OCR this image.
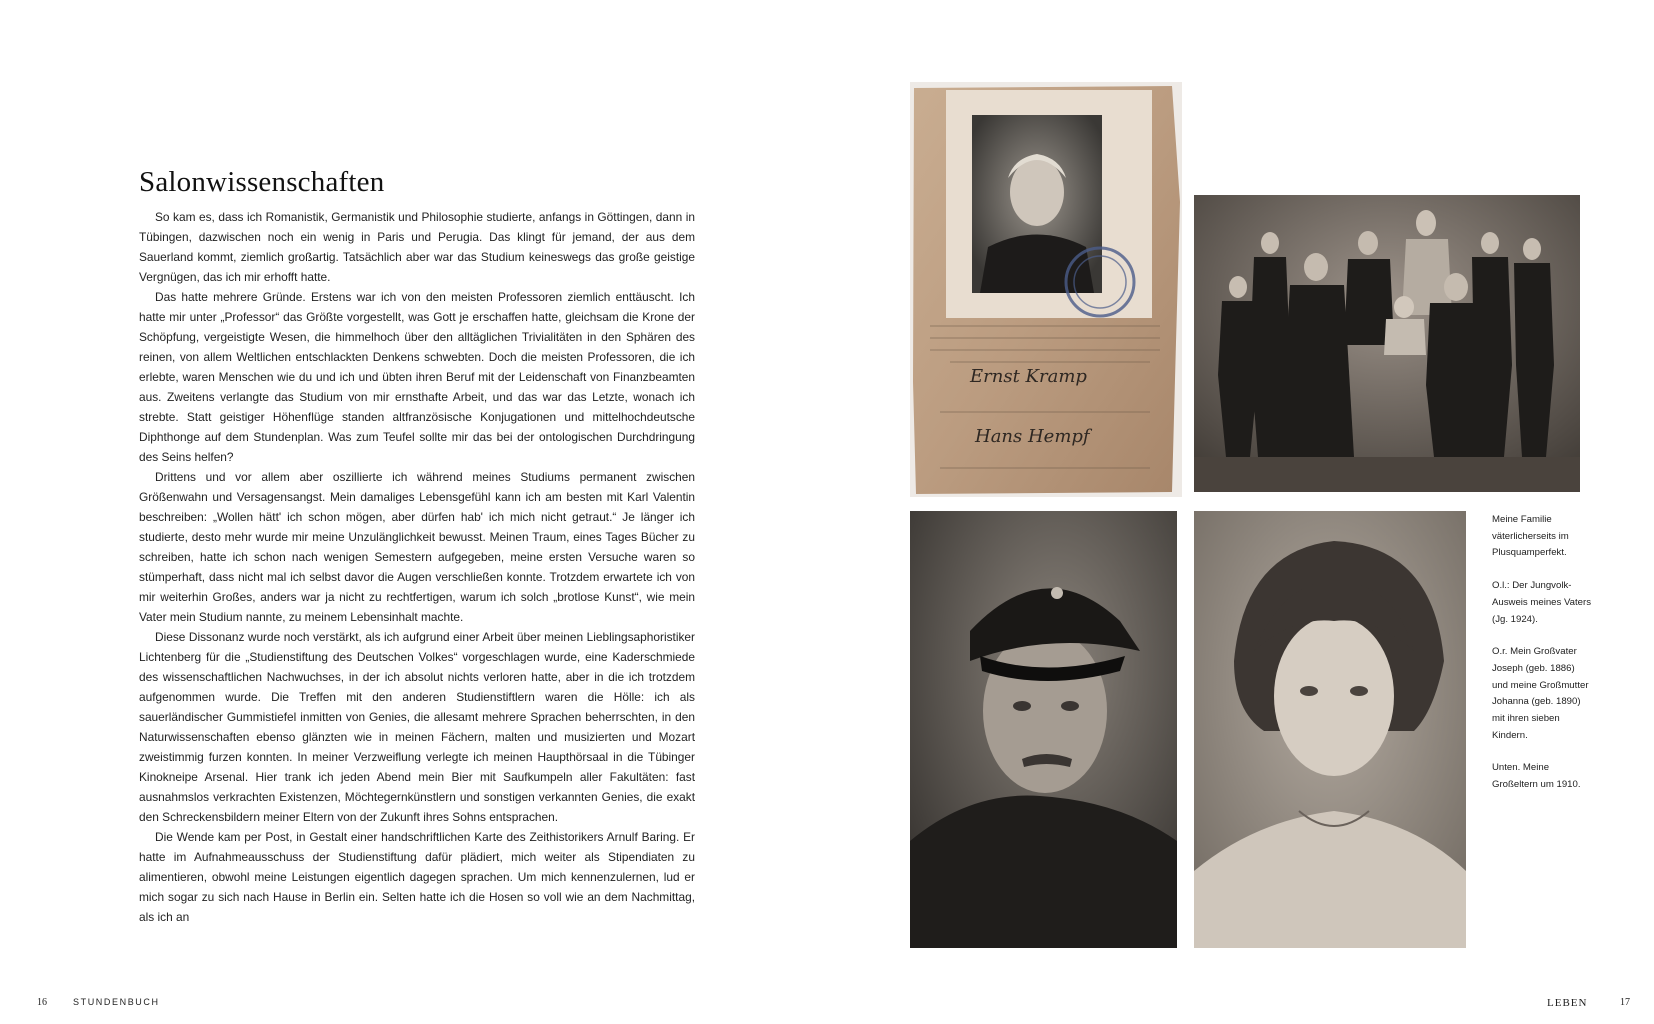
Salonwissenschaften

So kam es, dass ich Romanistik, Germanistik und Philosophie studierte, anfangs in Göttingen, dann in Tübingen, dazwischen noch ein wenig in Paris und Perugia. Das klingt für jemand, der aus dem Sauerland kommt, ziemlich großartig. Tatsächlich aber war das Studium keineswegs das große geistige Vergnügen, das ich mir erhofft hatte.

Das hatte mehrere Gründe. Erstens war ich von den meisten Professoren ziemlich enttäuscht. Ich hatte mir unter „Professor“ das Größte vorgestellt, was Gott je erschaffen hatte, gleichsam die Krone der Schöpfung, vergeistigte Wesen, die himmelhoch über den alltäglichen Trivialitäten in den Sphären des reinen, von allem Weltlichen entschlackten Denkens schwebten. Doch die meisten Professoren, die ich erlebte, waren Menschen wie du und ich und übten ihren Beruf mit der Leidenschaft von Finanzbeamten aus. Zweitens verlangte das Studium von mir ernsthafte Arbeit, und das war das Letzte, wonach ich strebte. Statt geistiger Höhenflüge standen altfranzösische Konjugationen und mittelhochdeutsche Diphthonge auf dem Stundenplan. Was zum Teufel sollte mir das bei der ontologischen Durchdringung des Seins helfen?

Drittens und vor allem aber oszillierte ich während meines Studiums permanent zwischen Größenwahn und Versagensangst. Mein damaliges Lebensgefühl kann ich am besten mit Karl Valentin beschreiben: „Wollen hätt' ich schon mögen, aber dürfen hab' ich mich nicht getraut.“ Je länger ich studierte, desto mehr wurde mir meine Unzulänglichkeit bewusst. Meinen Traum, eines Tages Bücher zu schreiben, hatte ich schon nach wenigen Semestern aufgegeben, meine ersten Versuche waren so stümperhaft, dass nicht mal ich selbst davor die Augen verschließen konnte. Trotzdem erwartete ich von mir weiterhin Großes, anders war ja nicht zu rechtfertigen, warum ich solch „brotlose Kunst“, wie mein Vater mein Studium nannte, zu meinem Lebensinhalt machte.

Diese Dissonanz wurde noch verstärkt, als ich aufgrund einer Arbeit über meinen Lieblingsaphoristiker Lichtenberg für die „Studienstiftung des Deutschen Volkes“ vorgeschlagen wurde, eine Kaderschmiede des wissenschaftlichen Nachwuchses, in der ich absolut nichts verloren hatte, aber in die ich trotzdem aufgenommen wurde. Die Treffen mit den anderen Studienstiftlern waren die Hölle: ich als sauerländischer Gummistiefel inmitten von Genies, die allesamt mehrere Sprachen beherrschten, in den Naturwissenschaften ebenso glänzten wie in meinen Fächern, malten und musizierten und Mozart zweistimmig furzen konnten. In meiner Verzweiflung verlegte ich meinen Haupthörsaal in die Tübinger Kinokneipe Arsenal. Hier trank ich jeden Abend mein Bier mit Saufkumpeln aller Fakultäten: fast ausnahmslos verkrachten Existenzen, Möchtegernkünstlern und sonstigen verkannten Genies, die exakt den Schreckensbildern meiner Eltern von der Zukunft ihres Sohns entsprachen.

Die Wende kam per Post, in Gestalt einer handschriftlichen Karte des Zeithistorikers Arnulf Baring. Er hatte im Aufnahmeausschuss der Studienstiftung dafür plädiert, mich weiter als Stipendiaten zu alimentieren, obwohl meine Leistungen eigentlich dagegen sprachen. Um mich kennenzulernen, lud er mich sogar zu sich nach Hause in Berlin ein. Selten hatte ich die Hosen so voll wie an dem Nachmittag, als ich an

16	STUNDENBUCH
Ernst Kramp
Hans Hempf

Meine Familie väterlicherseits im Plusquamperfekt.

O.l.: Der Jungvolk-Ausweis meines Vaters (Jg. 1924).

O.r. Mein Großvater Joseph (geb. 1886) und meine Großmutter Johanna (geb. 1890) mit ihren sieben Kindern.

Unten. Meine Großeltern um 1910.

LEBEN	17
